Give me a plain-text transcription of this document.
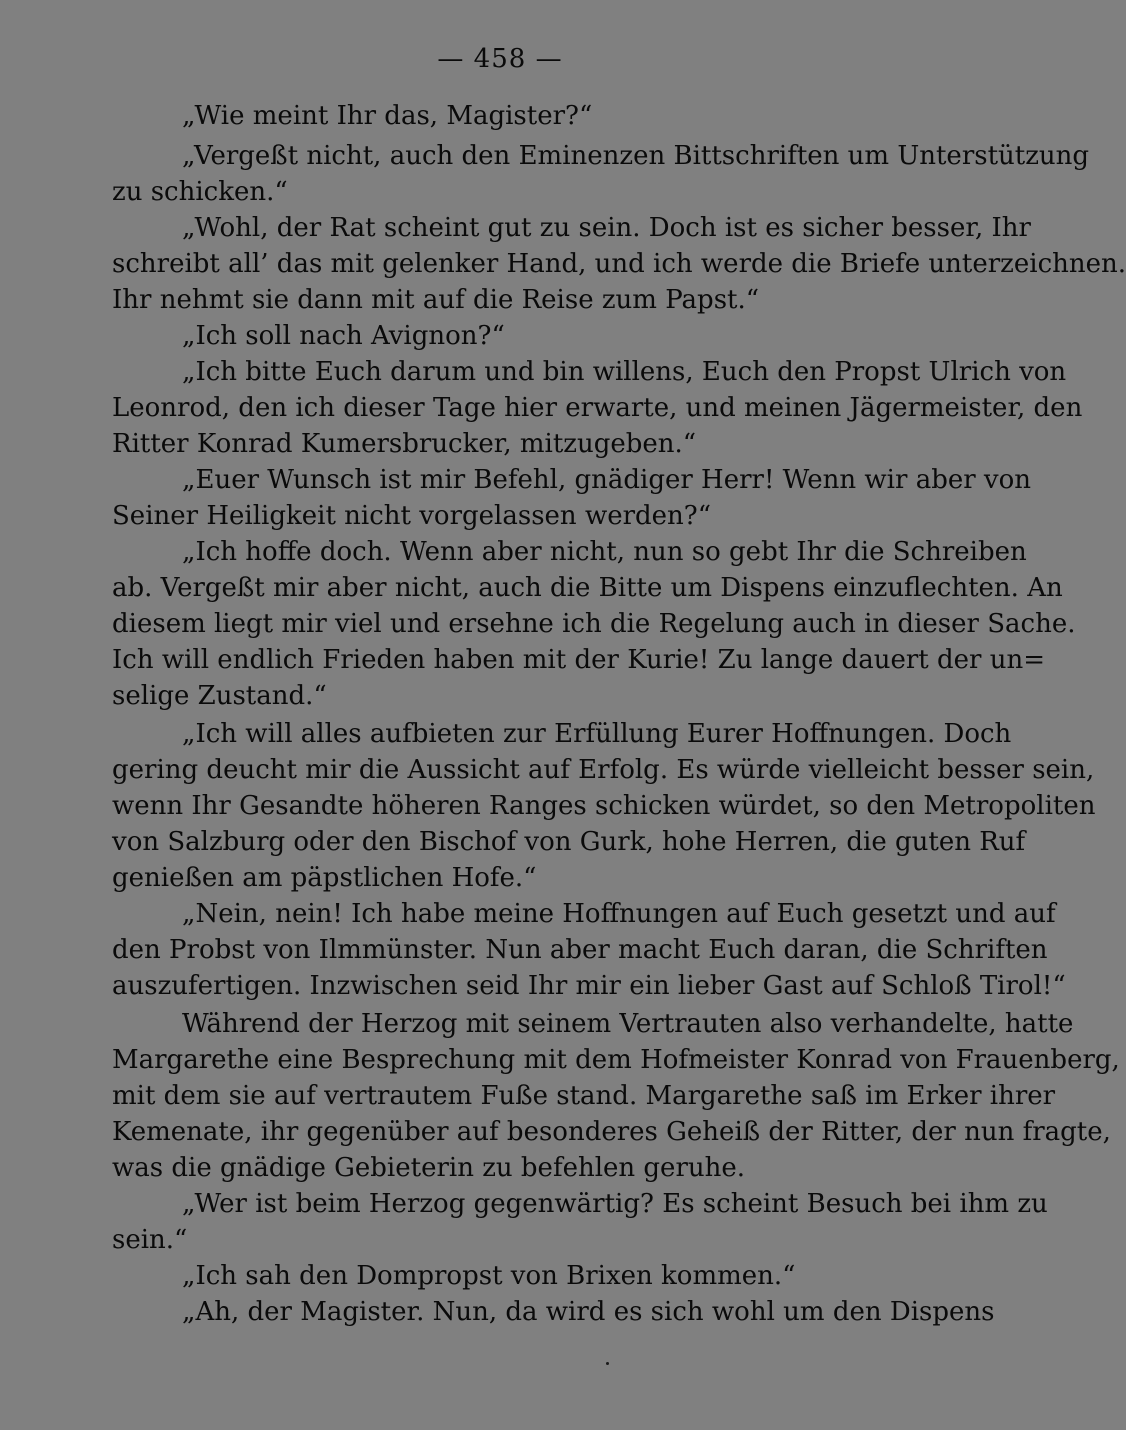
— 458 —
„Wie meint Ihr das, Magister?“
„Vergeßt nicht, auch den Eminenzen Bittschriften um Unterstützung
zu schicken.“
„Wohl, der Rat scheint gut zu sein. Doch ist es sicher besser, Ihr
schreibt all’ das mit gelenker Hand, und ich werde die Briefe unterzeichnen.
Ihr nehmt sie dann mit auf die Reise zum Papst.“
„Ich soll nach Avignon?“
„Ich bitte Euch darum und bin willens, Euch den Propst Ulrich von
Leonrod, den ich dieser Tage hier erwarte, und meinen Jägermeister, den
Ritter Konrad Kumersbrucker, mitzugeben.“
„Euer Wunsch ist mir Befehl, gnädiger Herr! Wenn wir aber von
Seiner Heiligkeit nicht vorgelassen werden?“
„Ich hoffe doch. Wenn aber nicht, nun so gebt Ihr die Schreiben
ab. Vergeßt mir aber nicht, auch die Bitte um Dispens einzuflechten. An
diesem liegt mir viel und ersehne ich die Regelung auch in dieser Sache.
Ich will endlich Frieden haben mit der Kurie! Zu lange dauert der un=
selige Zustand.“
„Ich will alles aufbieten zur Erfüllung Eurer Hoffnungen. Doch
gering deucht mir die Aussicht auf Erfolg. Es würde vielleicht besser sein,
wenn Ihr Gesandte höheren Ranges schicken würdet, so den Metropoliten
von Salzburg oder den Bischof von Gurk, hohe Herren, die guten Ruf
genießen am päpstlichen Hofe.“
„Nein, nein! Ich habe meine Hoffnungen auf Euch gesetzt und auf
den Probst von Ilmmünster. Nun aber macht Euch daran, die Schriften
auszufertigen. Inzwischen seid Ihr mir ein lieber Gast auf Schloß Tirol!“
Während der Herzog mit seinem Vertrauten also verhandelte, hatte
Margarethe eine Besprechung mit dem Hofmeister Konrad von Frauenberg,
mit dem sie auf vertrautem Fuße stand. Margarethe saß im Erker ihrer
Kemenate, ihr gegenüber auf besonderes Geheiß der Ritter, der nun fragte,
was die gnädige Gebieterin zu befehlen geruhe.
„Wer ist beim Herzog gegenwärtig? Es scheint Besuch bei ihm zu
sein.“
„Ich sah den Dompropst von Brixen kommen.“
„Ah, der Magister. Nun, da wird es sich wohl um den Dispens
